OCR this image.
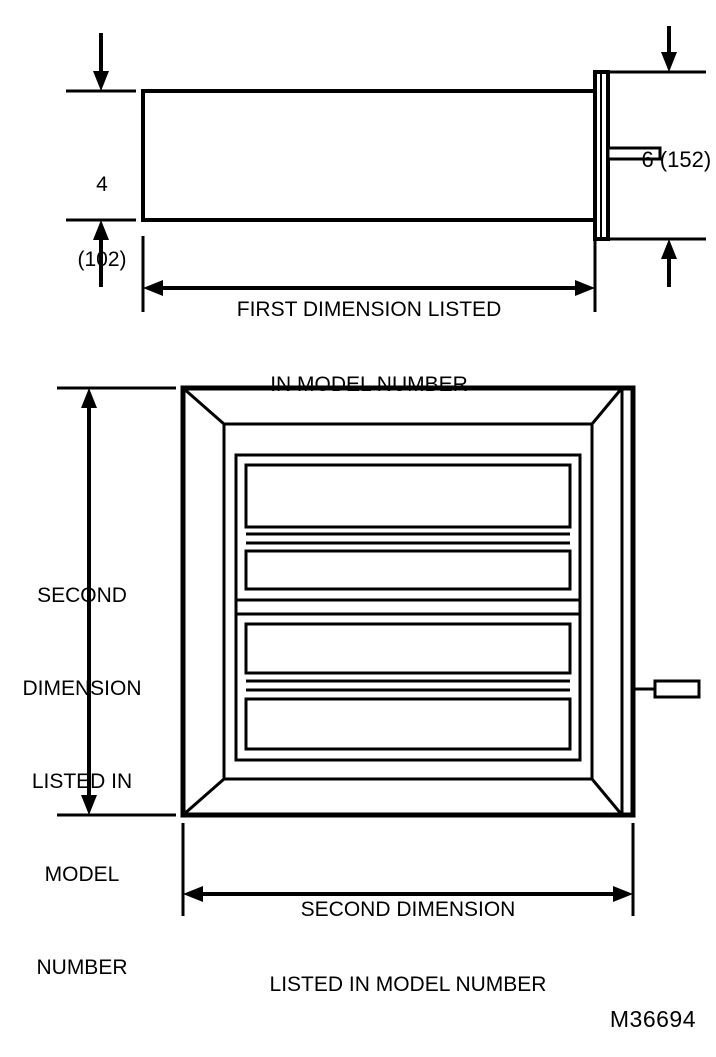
4

(102)

6 (152)

FIRST DIMENSION LISTED

IN MODEL NUMBER

SECOND

DIMENSION

LISTED IN

MODEL

NUMBER

SECOND DIMENSION

LISTED IN MODEL NUMBER

M36694
